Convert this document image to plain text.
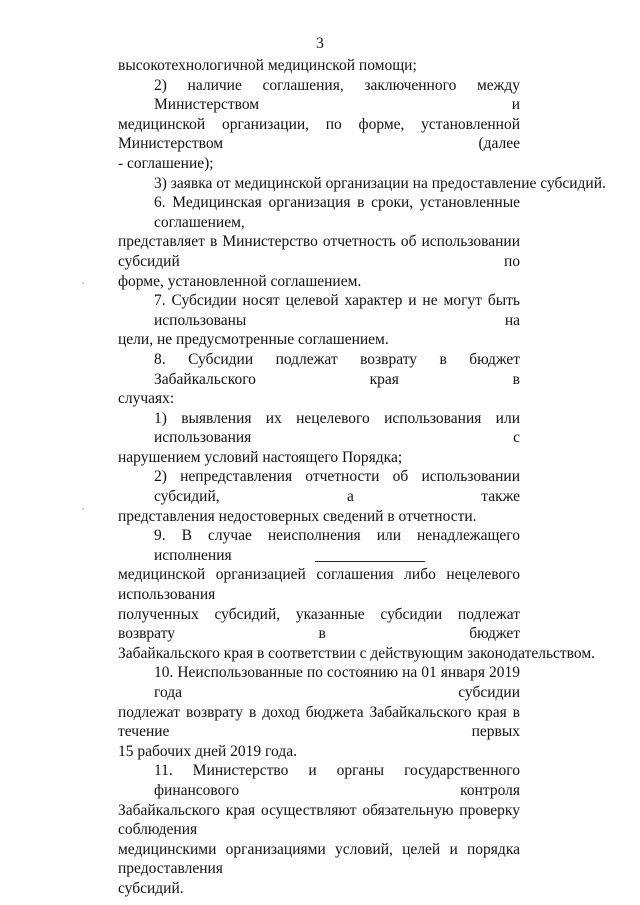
3
высокотехнологичной медицинской помощи;
2) наличие соглашения, заключенного между Министерством и
медицинской организации, по форме, установленной Министерством (далее
- соглашение);
3) заявка от медицинской организации на предоставление субсидий.
6. Медицинская организация в сроки, установленные соглашением,
представляет в Министерство отчетность об использовании субсидий по
форме, установленной соглашением.
7. Субсидии носят целевой характер и не могут быть использованы на
цели, не предусмотренные соглашением.
8. Субсидии подлежат возврату в бюджет Забайкальского края в
случаях:
1) выявления их нецелевого использования или использования с
нарушением условий настоящего Порядка;
2) непредставления отчетности об использовании субсидий, а также
представления недостоверных сведений в отчетности.
9. В случае неисполнения или ненадлежащего исполнения
медицинской организацией соглашения либо нецелевого использования
полученных субсидий, указанные субсидии подлежат возврату в бюджет
Забайкальского края в соответствии с действующим законодательством.
10. Неиспользованные по состоянию на 01 января 2019 года субсидии
подлежат возврату в доход бюджета Забайкальского края в течение первых
15 рабочих дней 2019 года.
11. Министерство и органы государственного финансового контроля
Забайкальского края осуществляют обязательную проверку соблюдения
медицинскими организациями условий, целей и порядка предоставления
субсидий.
